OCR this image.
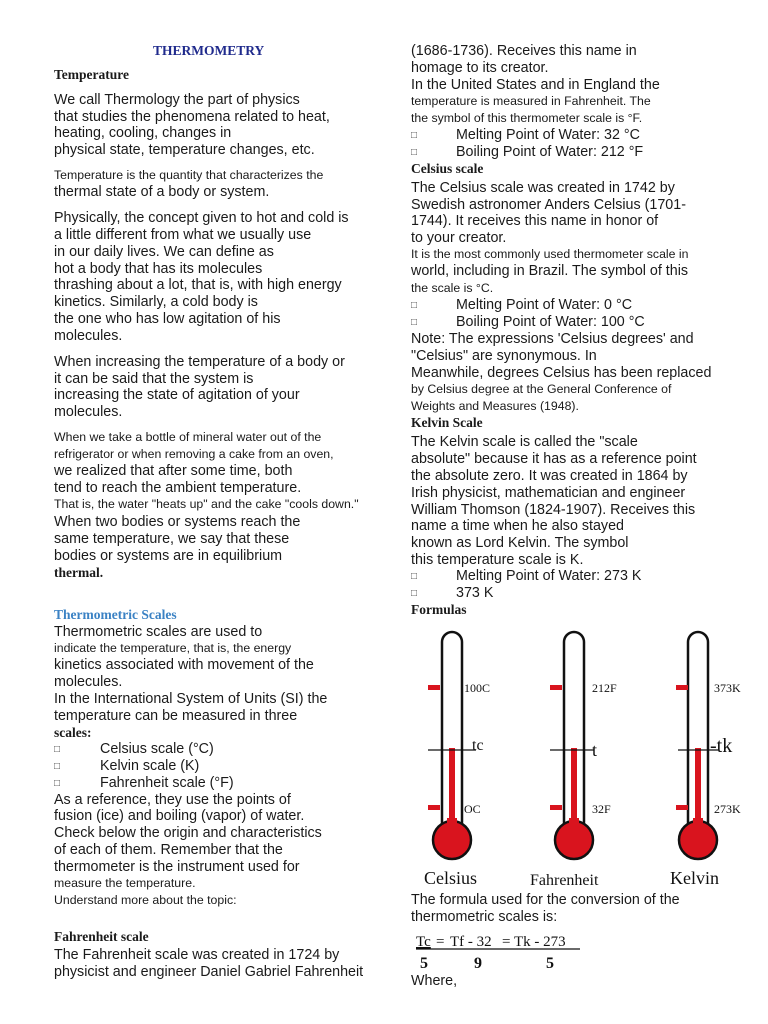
THERMOMETRY
Temperature
We call Thermology the part of physics
that studies the phenomena related to heat,
heating, cooling, changes in
physical state, temperature changes, etc.
Temperature is the quantity that characterizes the
thermal state of a body or system.
Physically, the concept given to hot and cold is
a little different from what we usually use
in our daily lives. We can define as
hot a body that has its molecules
thrashing about a lot, that is, with high energy
kinetics. Similarly, a cold body is
the one who has low agitation of his
molecules.
When increasing the temperature of a body or
it can be said that the system is
increasing the state of agitation of your
molecules.
When we take a bottle of mineral water out of the
refrigerator or when removing a cake from an oven,
we realized that after some time, both
tend to reach the ambient temperature.
That is, the water "heats up" and the cake "cools down."
When two bodies or systems reach the
same temperature, we say that these
bodies or systems are in equilibrium
thermal.
Thermometric Scales
Thermometric scales are used to
indicate the temperature, that is, the energy
kinetics associated with movement of the
molecules.
In the International System of Units (SI) the
temperature can be measured in three
scales:
□	Celsius scale (°C)
□	Kelvin scale (K)
□	Fahrenheit scale (°F)
As a reference, they use the points of
fusion (ice) and boiling (vapor) of water.
Check below the origin and characteristics
of each of them. Remember that the
thermometer is the instrument used for
measure the temperature.
Understand more about the topic:
Fahrenheit scale
The Fahrenheit scale was created in 1724 by
physicist and engineer Daniel Gabriel Fahrenheit
(1686-1736). Receives this name in
homage to its creator.
In the United States and in England the
temperature is measured in Fahrenheit. The
the symbol of this thermometer scale is °F.
□	Melting Point of Water: 32 °C
□	Boiling Point of Water: 212 °F
Celsius scale
The Celsius scale was created in 1742 by
Swedish astronomer Anders Celsius (1701-
1744). It receives this name in honor of
to your creator.
It is the most commonly used thermometer scale in
world, including in Brazil. The symbol of this
the scale is °C.
□	Melting Point of Water: 0 °C
□	Boiling Point of Water: 100 °C
Note: The expressions 'Celsius degrees' and
"Celsius" are synonymous. In
Meanwhile, degrees Celsius has been replaced
by Celsius degree at the General Conference of
Weights and Measures (1948).
Kelvin Scale
The Kelvin scale is called the "scale
absolute" because it has as a reference point
the absolute zero. It was created in 1864 by
Irish physicist, mathematician and engineer
William Thomson (1824-1907). Receives this
name a time when he also stayed
known as Lord Kelvin. The symbol
this temperature scale is K.
□	Melting Point of Water: 273 K
□	373 K
Formulas
100C
tc
OC
Celsius
212F
t
32F
Fahrenheit
373K
-tk
273K
Kelvin
The formula used for the conversion of the
thermometric scales is:
Tc = Tf - 32 = Tk - 273
5	9	5
Where,
